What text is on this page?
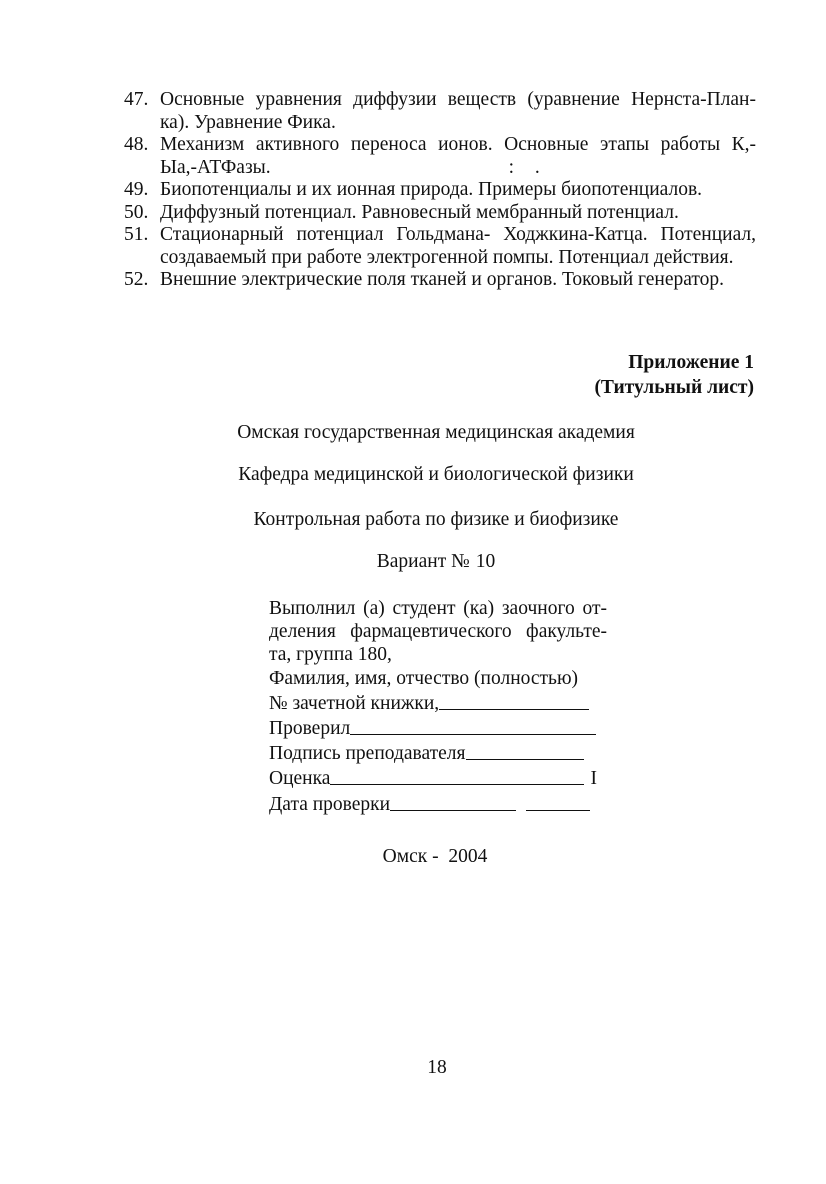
47. Основные уравнения диффузии веществ (уравнение Нернста-План-
ка). Уравнение Фика.
48. Механизм активного переноса ионов. Основные этапы работы К,-
Ыа,-АТФазы.	: .
49. Биопотенциалы и их ионная природа. Примеры биопотенциалов.
50. Диффузный потенциал. Равновесный мембранный потенциал.
51. Стационарный потенциал Гольдмана- Ходжкина-Катца. Потенциал,
создаваемый при работе электрогенной помпы. Потенциал действия.
52. Внешние электрические поля тканей и органов. Токовый генератор.
Приложение 1
(Титульный лист)
Омская государственная медицинская академия
Кафедра медицинской и биологической физики
Контрольная работа по физике и биофизике
Вариант № 10
Выполнил (а) студент (ка) заочного от-
деления фармацевтического факульте-
та, группа 180,
Фамилия, имя, отчество (полностью)
№ зачетной книжки,
Проверил
Подпись преподавателя
Оценка	I
Дата проверки
Омск -  2004
18
